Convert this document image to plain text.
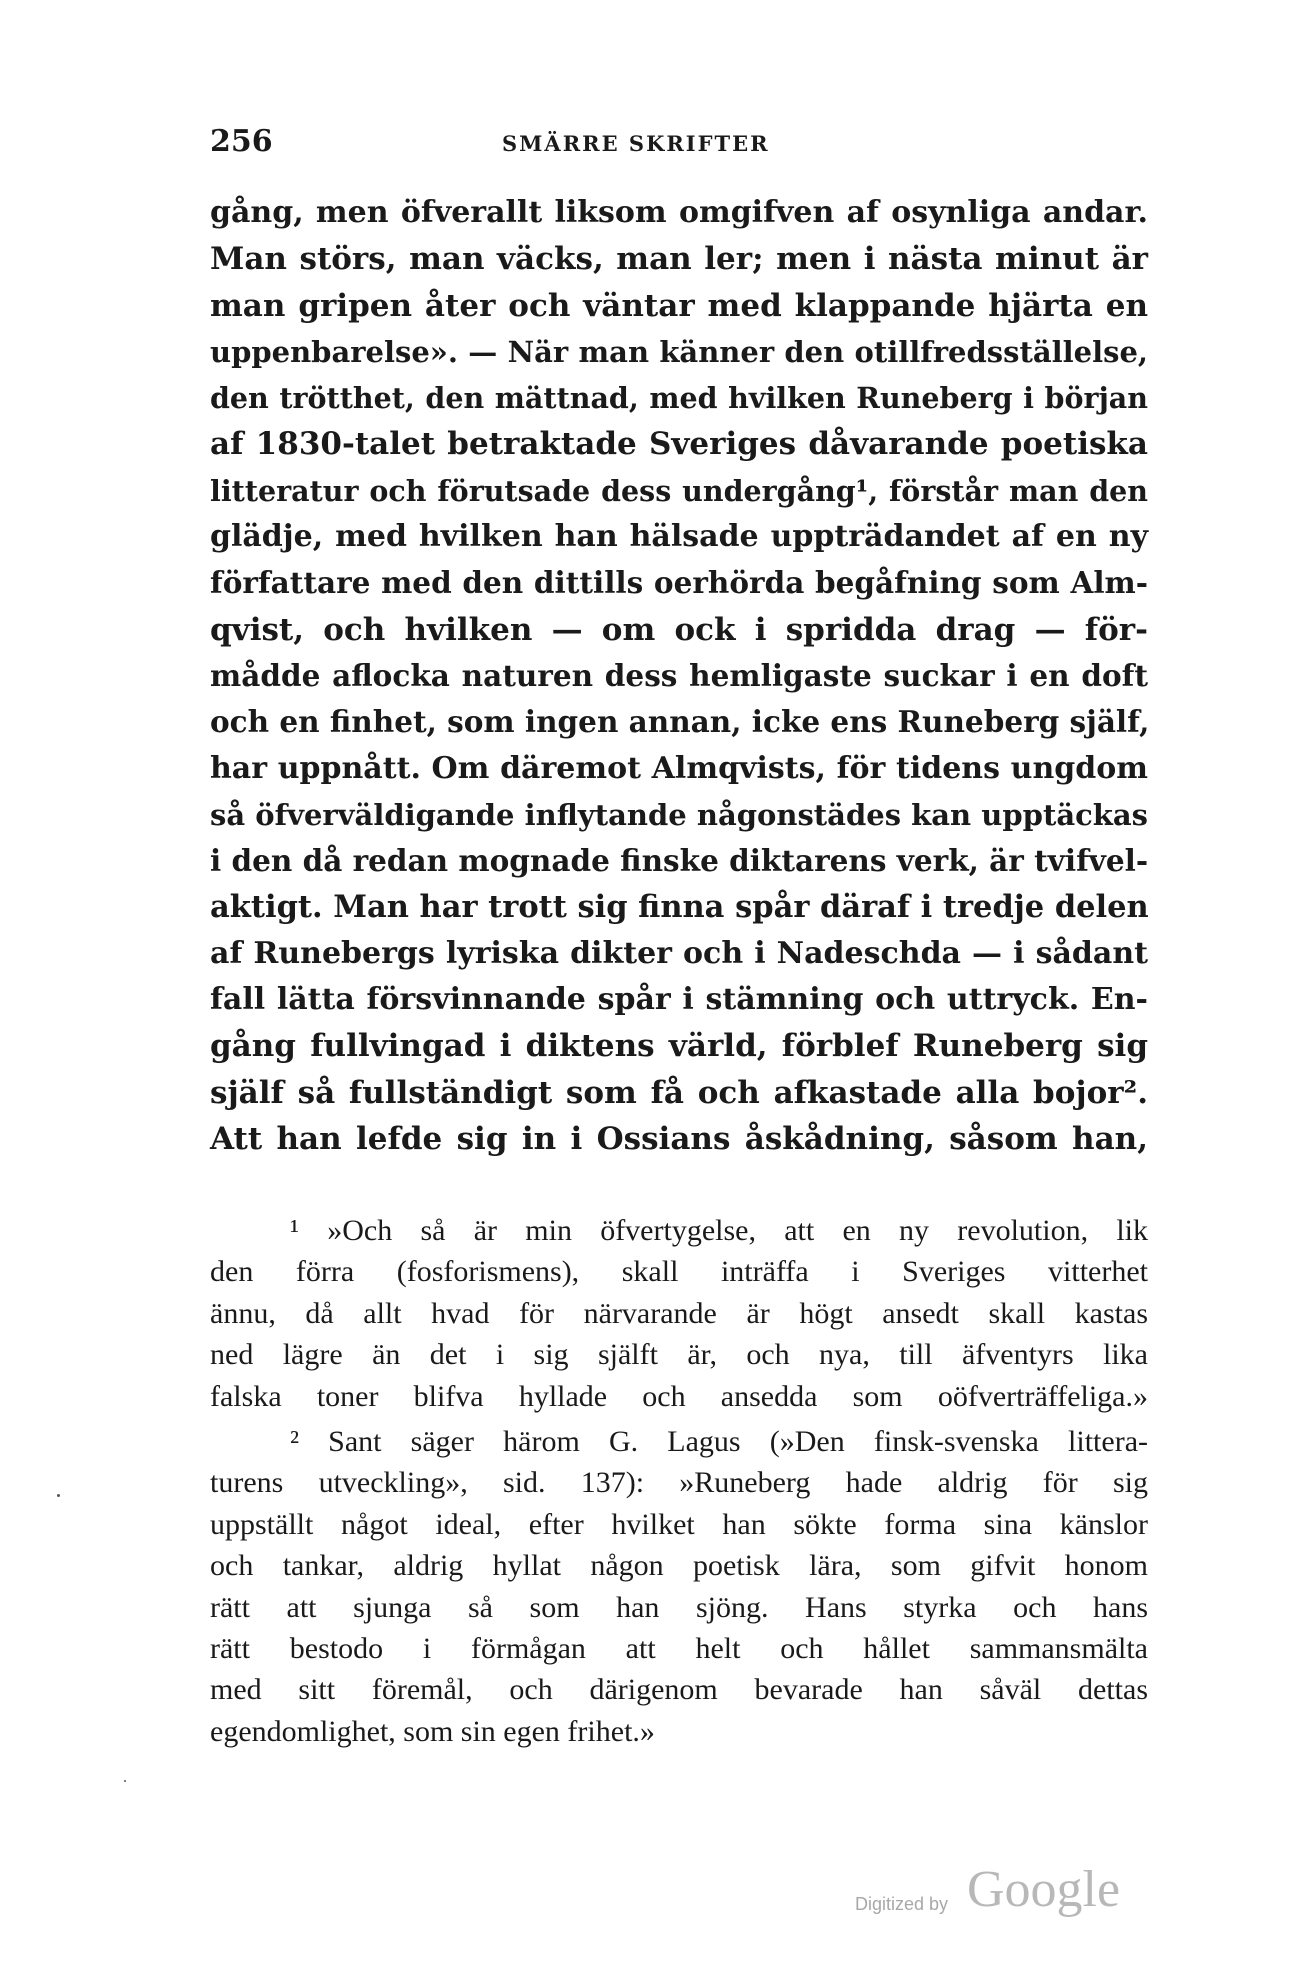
256	SMÄRRE SKRIFTER
gång, men öfverallt liksom omgifven af osynliga andar.
Man störs, man väcks, man ler; men i nästa minut är
man gripen åter och väntar med klappande hjärta en
uppenbarelse». — När man känner den otillfredsställelse,
den trötthet, den mättnad, med hvilken Runeberg i början
af 1830-talet betraktade Sveriges dåvarande poetiska
litteratur och förutsade dess undergång¹, förstår man den
glädje, med hvilken han hälsade uppträdandet af en ny
författare med den dittills oerhörda begåfning som Alm-
qvist, och hvilken — om ock i spridda drag — för-
mådde aflocka naturen dess hemligaste suckar i en doft
och en finhet, som ingen annan, icke ens Runeberg själf,
har uppnått. Om däremot Almqvists, för tidens ungdom
så öfverväldigande inflytande någonstädes kan upptäckas
i den då redan mognade finske diktarens verk, är tvifvel-
aktigt. Man har trott sig finna spår däraf i tredje delen
af Runebergs lyriska dikter och i Nadeschda — i sådant
fall lätta försvinnande spår i stämning och uttryck. En-
gång fullvingad i diktens värld, förblef Runeberg sig
själf så fullständigt som få och afkastade alla bojor².
Att han lefde sig in i Ossians åskådning, såsom han,
¹ »Och så är min öfvertygelse, att en ny revolution, lik
den förra (fosforismens), skall inträffa i Sveriges vitterhet
ännu, då allt hvad för närvarande är högt ansedt skall kastas
ned lägre än det i sig själft är, och nya, till äfventyrs lika
falska toner blifva hyllade och ansedda som oöfverträffeliga.»
² Sant säger härom G. Lagus (»Den finsk-svenska littera-
turens utveckling», sid. 137): »Runeberg hade aldrig för sig
uppställt något ideal, efter hvilket han sökte forma sina känslor
och tankar, aldrig hyllat någon poetisk lära, som gifvit honom
rätt att sjunga så som han sjöng. Hans styrka och hans
rätt bestodo i förmågan att helt och hållet sammansmälta
med sitt föremål, och därigenom bevarade han såväl dettas
egendomlighet, som sin egen frihet.»
Digitized by Google
